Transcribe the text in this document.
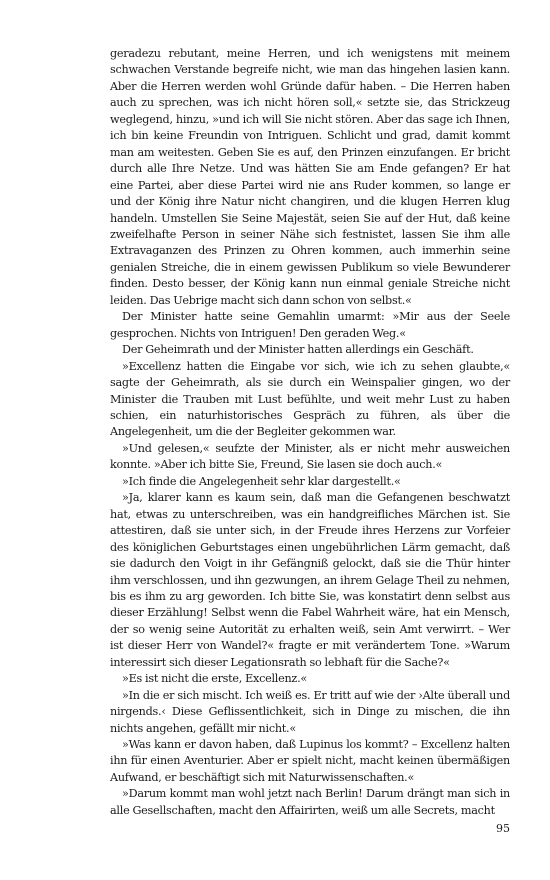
geradezu rebutant, meine Herren, und ich wenigstens mit meinem schwachen Verstande begreife nicht, wie man das hingehen lasien kann. Aber die Herren werden wohl Gründe dafür haben. – Die Herren haben auch zu sprechen, was ich nicht hören soll,« setzte sie, das Strickzeug weglegend, hinzu, »und ich will Sie nicht stören. Aber das sage ich Ihnen, ich bin keine Freundin von Intriguen. Schlicht und grad, damit kommt man am weitesten. Geben Sie es auf, den Prinzen einzufangen. Er bricht durch alle Ihre Netze. Und was hätten Sie am Ende gefangen? Er hat eine Partei, aber diese Partei wird nie ans Ruder kommen, so lange er und der König ihre Natur nicht changiren, und die klugen Herren klug handeln. Umstellen Sie Seine Majestät, seien Sie auf der Hut, daß keine zweifelhafte Person in seiner Nähe sich festnistet, lassen Sie ihm alle Extravaganzen des Prinzen zu Ohren kommen, auch immerhin seine genialen Streiche, die in einem gewissen Publikum so viele Bewunderer finden. Desto besser, der König kann nun einmal geniale Streiche nicht leiden. Das Uebrige macht sich dann schon von selbst.«

Der Minister hatte seine Gemahlin umarmt: »Mir aus der Seele gesprochen. Nichts von Intriguen! Den geraden Weg.«

Der Geheimrath und der Minister hatten allerdings ein Geschäft.

»Excellenz hatten die Eingabe vor sich, wie ich zu sehen glaubte,« sagte der Geheimrath, als sie durch ein Weinspalier gingen, wo der Minister die Trauben mit Lust befühlte, und weit mehr Lust zu haben schien, ein naturhistorisches Gespräch zu führen, als über die Angelegenheit, um die der Begleiter gekommen war.

»Und gelesen,« seufzte der Minister, als er nicht mehr ausweichen konnte. »Aber ich bitte Sie, Freund, Sie lasen sie doch auch.«

»Ich finde die Angelegenheit sehr klar dargestellt.«

»Ja, klarer kann es kaum sein, daß man die Gefangenen beschwatzt hat, etwas zu unterschreiben, was ein handgreifliches Märchen ist. Sie attestiren, daß sie unter sich, in der Freude ihres Herzens zur Vorfeier des königlichen Geburtstages einen ungebührlichen Lärm gemacht, daß sie dadurch den Voigt in ihr Gefängniß gelockt, daß sie die Thür hinter ihm verschlossen, und ihn gezwungen, an ihrem Gelage Theil zu nehmen, bis es ihm zu arg geworden. Ich bitte Sie, was konstatirt denn selbst aus dieser Erzählung! Selbst wenn die Fabel Wahrheit wäre, hat ein Mensch, der so wenig seine Autorität zu erhalten weiß, sein Amt verwirrt. – Wer ist dieser Herr von Wandel?« fragte er mit verändertem Tone. »Warum interessirt sich dieser Legationsrath so lebhaft für die Sache?«

»Es ist nicht die erste, Excellenz.«

»In die er sich mischt. Ich weiß es. Er tritt auf wie der ›Alte überall und nirgends.‹ Diese Geflissentlichkeit, sich in Dinge zu mischen, die ihn nichts angehen, gefällt mir nicht.«

»Was kann er davon haben, daß Lupinus los kommt? – Excellenz halten ihn für einen Aventurier. Aber er spielt nicht, macht keinen übermäßigen Aufwand, er beschäftigt sich mit Naturwissenschaften.«

»Darum kommt man wohl jetzt nach Berlin! Darum drängt man sich in alle Gesellschaften, macht den Affairirten, weiß um alle Secrets, macht

95
